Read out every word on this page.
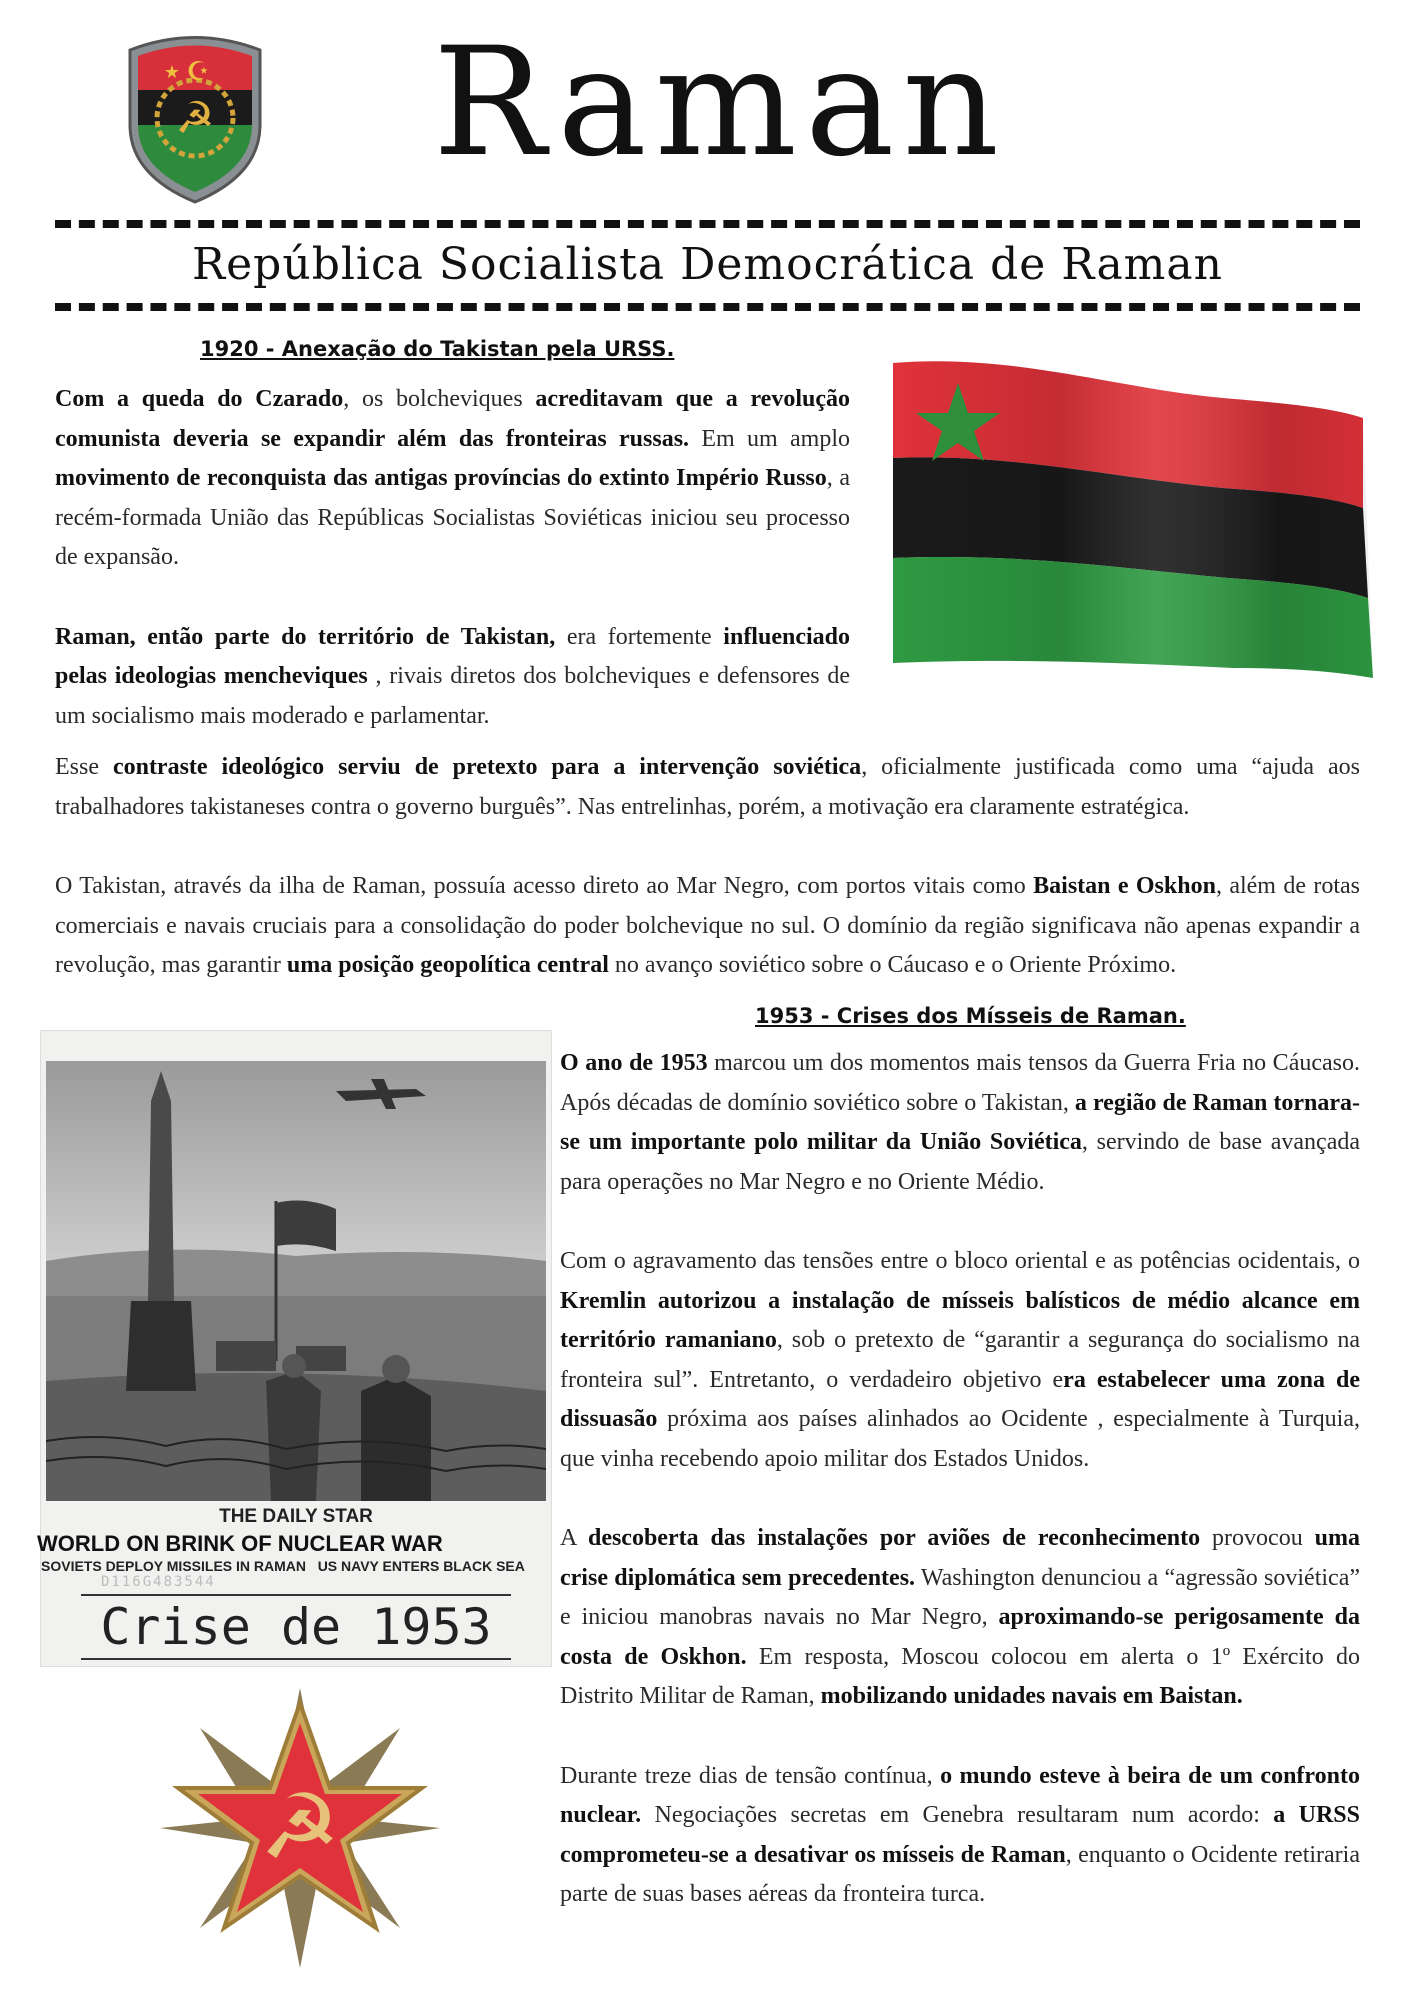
☭
★ ☪ Raman
República Socialista Democrática de Raman
1920 - Anexação do Takistan pela URSS.

Com a queda do Czarado, os bolcheviques acreditavam que a revolução comunista deveria se expandir além das fronteiras russas. Em um amplo movimento de reconquista das antigas províncias do extinto Império Russo, a recém-formada União das Repúblicas Socialistas Soviéticas iniciou seu processo de expansão.

Raman, então parte do território de Takistan, era fortemente influenciado pelas ideologias mencheviques , rivais diretos dos bolcheviques e defensores de um socialismo mais moderado e parlamentar.

Esse contraste ideológico serviu de pretexto para a intervenção soviética, oficialmente justificada como uma “ajuda aos trabalhadores takistaneses contra o governo burguês”. Nas entrelinhas, porém, a motivação era claramente estratégica.

O Takistan, através da ilha de Raman, possuía acesso direto ao Mar Negro, com portos vitais como Baistan e Oskhon, além de rotas comerciais e navais cruciais para a consolidação do poder bolchevique no sul. O domínio da região significava não apenas expandir a revolução, mas garantir uma posição geopolítica central no avanço soviético sobre o Cáucaso e o Oriente Próximo.

1953 - Crises dos Mísseis de Raman.
THE DAILY STAR
WORLD ON BRINK OF NUCLEAR WAR
SOVIETS DEPLOY MISSILES IN RAMAN US NAVY ENTERS BLACK SEA
D116G483544
Crise de 1953
☭

O ano de 1953 marcou um dos momentos mais tensos da Guerra Fria no Cáucaso. Após décadas de domínio soviético sobre o Takistan, a região de Raman tornara-se um importante polo militar da União Soviética, servindo de base avançada para operações no Mar Negro e no Oriente Médio.

Com o agravamento das tensões entre o bloco oriental e as potências ocidentais, o Kremlin autorizou a instalação de mísseis balísticos de médio alcance em território ramaniano, sob o pretexto de “garantir a segurança do socialismo na fronteira sul”. Entretanto, o verdadeiro objetivo era estabelecer uma zona de dissuasão próxima aos países alinhados ao Ocidente , especialmente à Turquia, que vinha recebendo apoio militar dos Estados Unidos.

A descoberta das instalações por aviões de reconhecimento provocou uma crise diplomática sem precedentes. Washington denunciou a “agressão soviética” e iniciou manobras navais no Mar Negro, aproximando-se perigosamente da costa de Oskhon. Em resposta, Moscou colocou em alerta o 1º Exército do Distrito Militar de Raman, mobilizando unidades navais em Baistan.

Durante treze dias de tensão contínua, o mundo esteve à beira de um confronto nuclear. Negociações secretas em Genebra resultaram num acordo: a URSS comprometeu-se a desativar os mísseis de Raman, enquanto o Ocidente retiraria parte de suas bases aéreas da fronteira turca.
